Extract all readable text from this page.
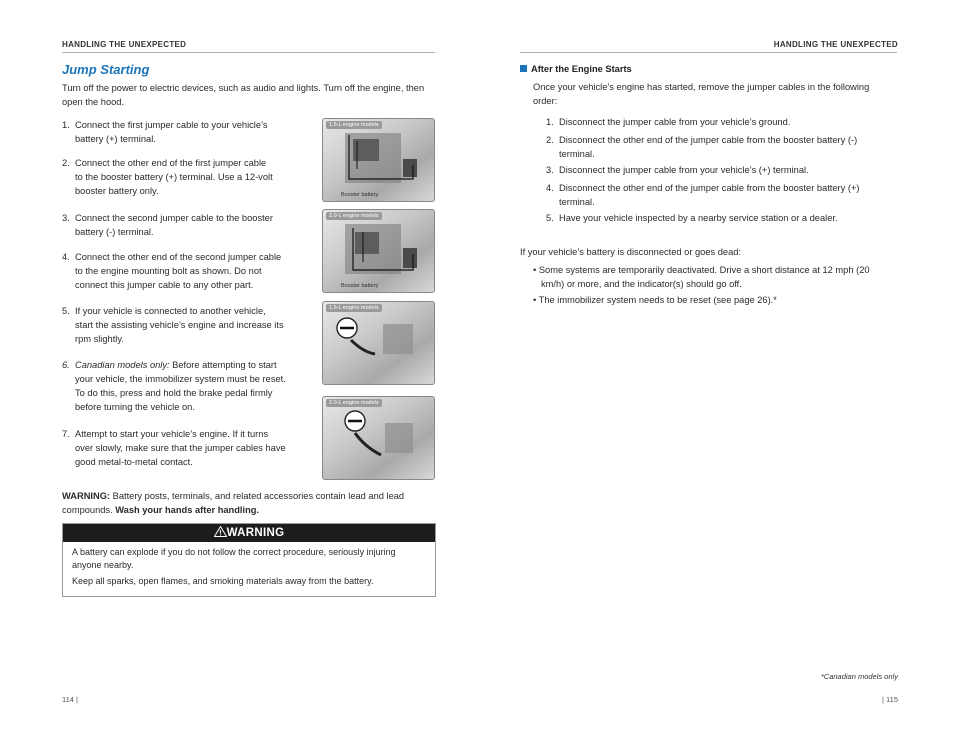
HANDLING THE UNEXPECTED
Jump Starting
Turn off the power to electric devices, such as audio and lights. Turn off the engine, then open the hood.
1. Connect the first jumper cable to your vehicle’s
battery (+) terminal.
2. Connect the other end of the first jumper cable
to the booster battery (+) terminal. Use a 12-volt
booster battery only.
3. Connect the second jumper cable to the booster
battery (-) terminal.
4. Connect the other end of the second jumper cable
to the engine mounting bolt as shown. Do not
connect this jumper cable to any other part.
5. If your vehicle is connected to another vehicle,
start the assisting vehicle’s engine and increase its
rpm slightly.
6. Canadian models only: Before attempting to start
your vehicle, the immobilizer system must be reset.
To do this, press and hold the brake pedal firmly
before turning the vehicle on.
7. Attempt to start your vehicle’s engine. If it turns
over slowly, make sure that the jumper cables have
good metal-to-metal contact.
1.5-L engine models
Booster battery
2.0-L engine models
Booster battery
1.5-L engine models
2.0-L engine models
WARNING: Battery posts, terminals, and related accessories contain lead and lead compounds. Wash your hands after handling.
WARNING

A battery can explode if you do not follow the correct procedure, seriously injuring anyone nearby.

Keep all sparks, open flames, and smoking materials away from the battery.

114 |
HANDLING THE UNEXPECTED
After the Engine Starts
Once your vehicle’s engine has started, remove the jumper cables in the following order:
1. Disconnect the jumper cable from your vehicle’s ground.
2. Disconnect the other end of the jumper cable from the booster battery (-)
terminal.
3. Disconnect the jumper cable from your vehicle’s (+) terminal.
4. Disconnect the other end of the jumper cable from the booster battery (+)
terminal.
5. Have your vehicle inspected by a nearby service station or a dealer.
If your vehicle’s battery is disconnected or goes dead:
• Some systems are temporarily deactivated. Drive a short distance at 12 mph (20
km/h) or more, and the indicator(s) should go off.
• The immobilizer system needs to be reset (see page 26).*
*Canadian models only
| 115
